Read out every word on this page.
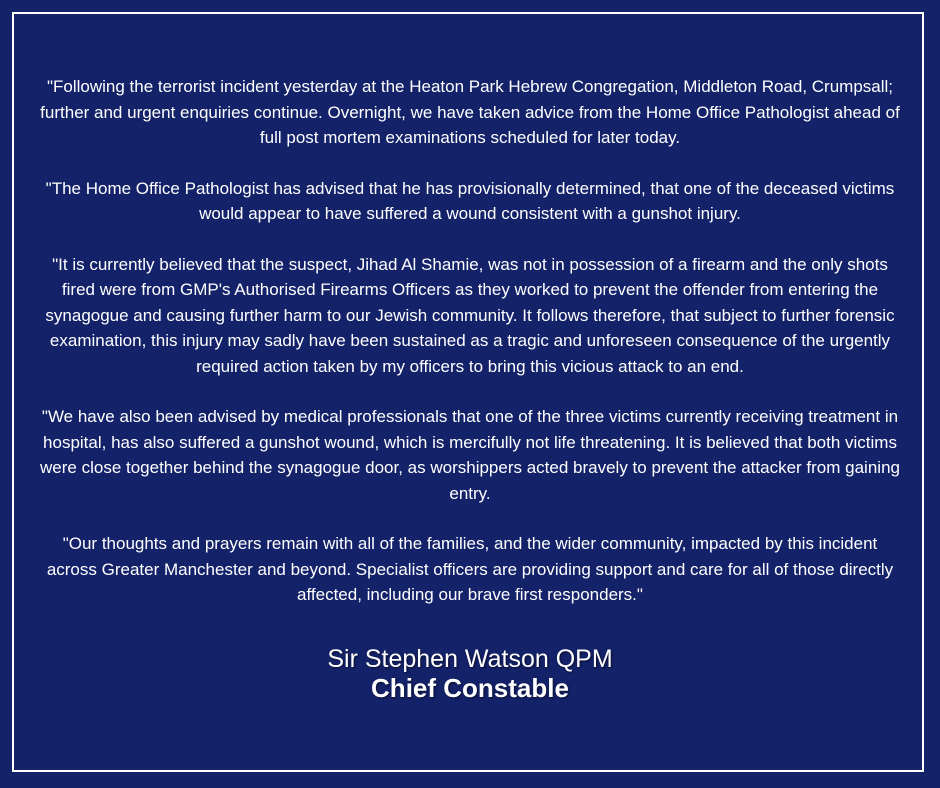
"Following the terrorist incident yesterday at the Heaton Park Hebrew Congregation, Middleton Road, Crumpsall; further and urgent enquiries continue. Overnight, we have taken advice from the Home Office Pathologist ahead of full post mortem examinations scheduled for later today.

"The Home Office Pathologist has advised that he has provisionally determined, that one of the deceased victims would appear to have suffered a wound consistent with a gunshot injury.

"It is currently believed that the suspect, Jihad Al Shamie, was not in possession of a firearm and the only shots fired were from GMP's Authorised Firearms Officers as they worked to prevent the offender from entering the synagogue and causing further harm to our Jewish community. It follows therefore, that subject to further forensic examination, this injury may sadly have been sustained as a tragic and unforeseen consequence of the urgently required action taken by my officers to bring this vicious attack to an end.

"We have also been advised by medical professionals that one of the three victims currently receiving treatment in hospital, has also suffered a gunshot wound, which is mercifully not life threatening. It is believed that both victims were close together behind the synagogue door, as worshippers acted bravely to prevent the attacker from gaining entry.

"Our thoughts and prayers remain with all of the families, and the wider community, impacted by this incident across Greater Manchester and beyond. Specialist officers are providing support and care for all of those directly affected, including our brave first responders."

Sir Stephen Watson QPM
Chief Constable
